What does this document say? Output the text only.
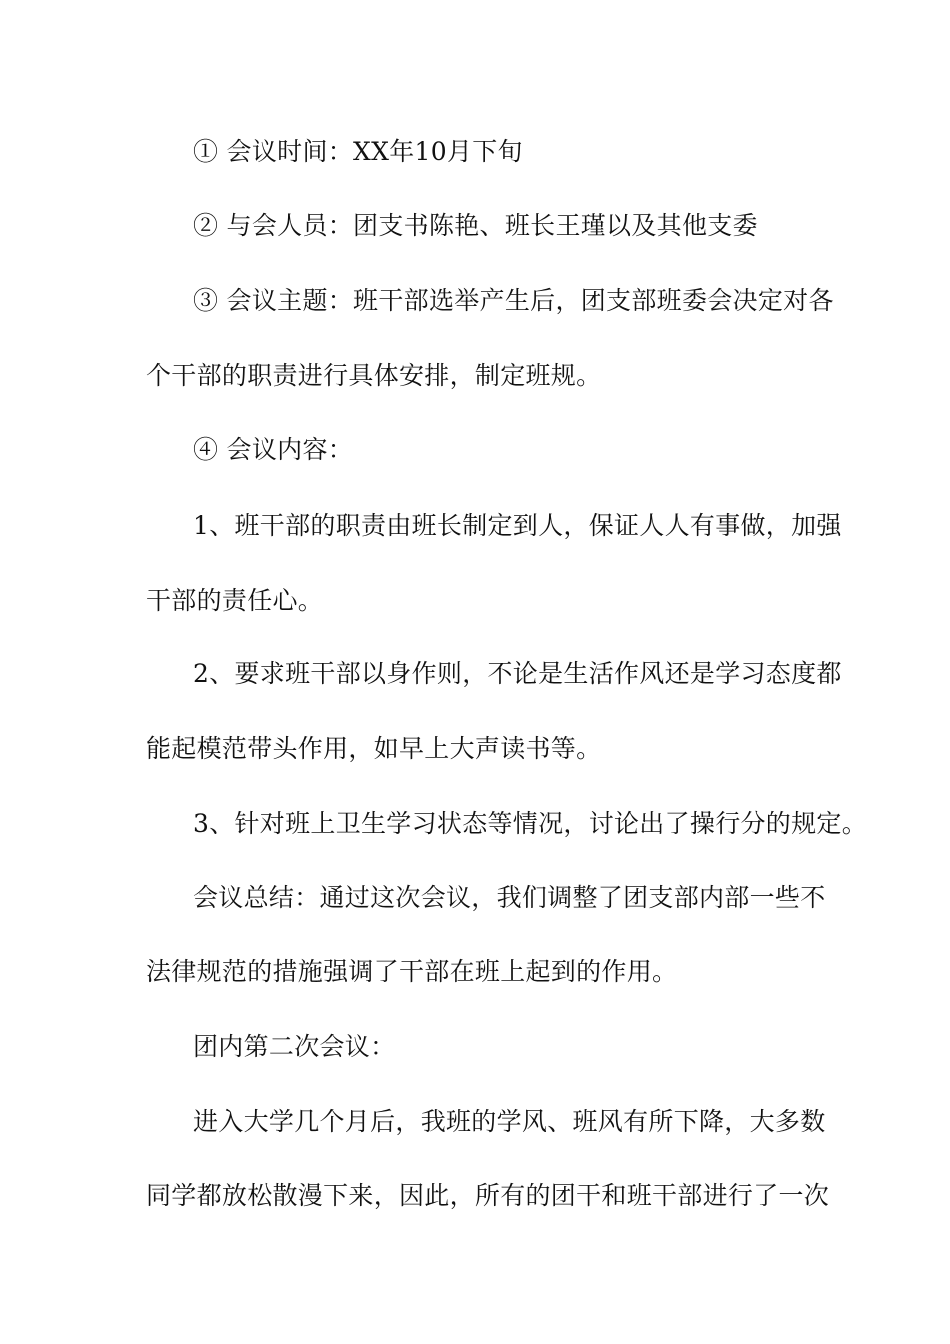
① 会议时间：XX年10月下旬
② 与会人员：团支书陈艳、班长王瑾以及其他支委
③ 会议主题：班干部选举产生后，团支部班委会决定对各
个干部的职责进行具体安排，制定班规。
④ 会议内容：
1、班干部的职责由班长制定到人，保证人人有事做，加强
干部的责任心。
2、要求班干部以身作则，不论是生活作风还是学习态度都
能起模范带头作用，如早上大声读书等。
3、针对班上卫生学习状态等情况，讨论出了操行分的规定。
会议总结：通过这次会议，我们调整了团支部内部一些不
法律规范的措施强调了干部在班上起到的作用。
团内第二次会议：
进入大学几个月后，我班的学风、班风有所下降，大多数
同学都放松散漫下来，因此，所有的团干和班干部进行了一次
